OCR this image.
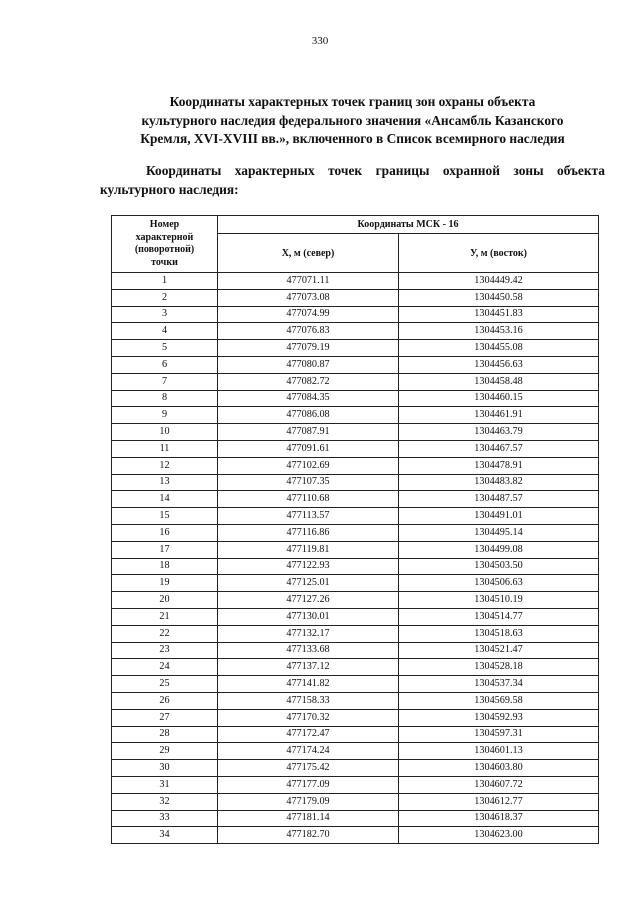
330
Координаты характерных точек границ зон охраны объекта
культурного наследия федерального значения «Ансамбль Казанского
Кремля, XVI-XVIII вв.», включенного в Список всемирного наследия
Координаты характерных точек границы охранной зоны объекта
культурного наследия:
Номер
характерной
(поворотной)
точки	Координаты МСК - 16	
	X, м (север)	У, м (восток)
1	477071.11	1304449.42
2	477073.08	1304450.58
3	477074.99	1304451.83
4	477076.83	1304453.16
5	477079.19	1304455.08
6	477080.87	1304456.63
7	477082.72	1304458.48
8	477084.35	1304460.15
9	477086.08	1304461.91
10	477087.91	1304463.79
11	477091.61	1304467.57
12	477102.69	1304478.91
13	477107.35	1304483.82
14	477110.68	1304487.57
15	477113.57	1304491.01
16	477116.86	1304495.14
17	477119.81	1304499.08
18	477122.93	1304503.50
19	477125.01	1304506.63
20	477127.26	1304510.19
21	477130.01	1304514.77
22	477132.17	1304518.63
23	477133.68	1304521.47
24	477137.12	1304528.18
25	477141.82	1304537.34
26	477158.33	1304569.58
27	477170.32	1304592.93
28	477172.47	1304597.31
29	477174.24	1304601.13
30	477175.42	1304603.80
31	477177.09	1304607.72
32	477179.09	1304612.77
33	477181.14	1304618.37
34	477182.70	1304623.00
